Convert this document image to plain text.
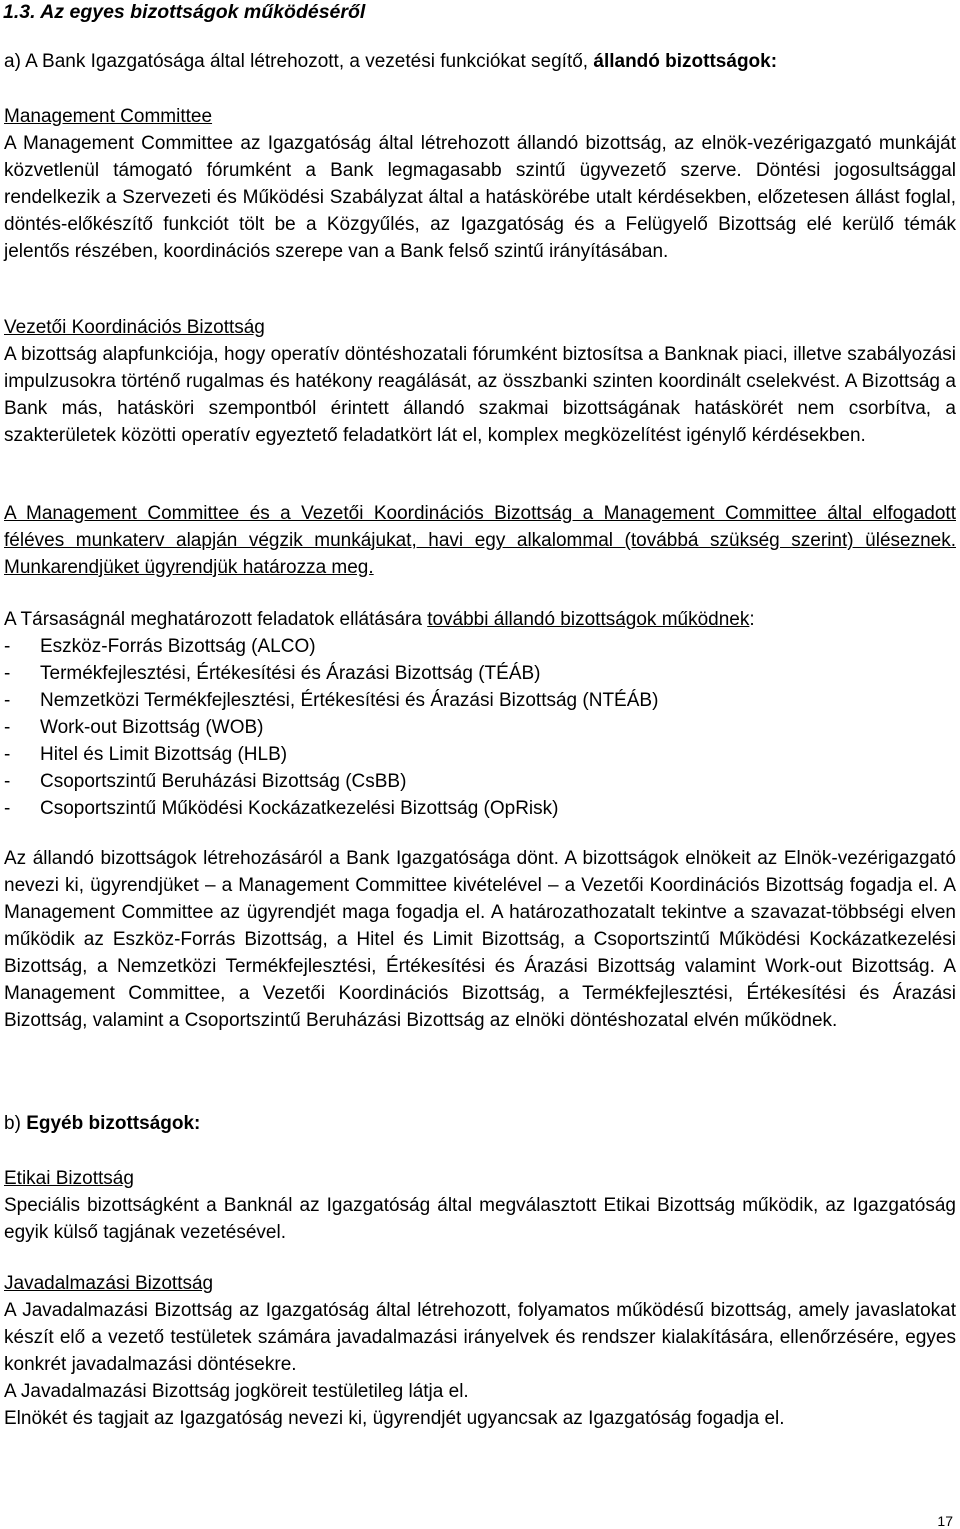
1.3. Az egyes bizottságok működéséről
a) A Bank Igazgatósága által létrehozott, a vezetési funkciókat segítő, állandó bizottságok:
Management Committee
A Management Committee az Igazgatóság által létrehozott állandó bizottság, az elnök-vezérigazgató munkáját közvetlenül támogató fórumként a Bank legmagasabb szintű ügyvezető szerve. Döntési jogosultsággal rendelkezik a Szervezeti és Működési Szabályzat által a hatáskörébe utalt kérdésekben, előzetesen állást foglal, döntés-előkészítő funkciót tölt be a Közgyűlés, az Igazgatóság és a Felügyelő Bizottság elé kerülő témák jelentős részében, koordinációs szerepe van a Bank felső szintű irányításában.
Vezetői Koordinációs Bizottság
A bizottság alapfunkciója, hogy operatív döntéshozatali fórumként biztosítsa a Banknak piaci, illetve szabályozási impulzusokra történő rugalmas és hatékony reagálását, az összbanki szinten koordinált cselekvést. A Bizottság a Bank más, hatásköri szempontból érintett állandó szakmai bizottságának hatáskörét nem csorbítva, a szakterületek közötti operatív egyeztető feladatkört lát el, komplex megközelítést igénylő kérdésekben.
A Management Committee és a Vezetői Koordinációs Bizottság a Management Committee által elfogadott féléves munkaterv alapján végzik munkájukat, havi egy alkalommal (továbbá szükség szerint) üléseznek. Munkarendjüket ügyrendjük határozza meg.
A Társaságnál meghatározott feladatok ellátására további állandó bizottságok működnek:
- Eszköz-Forrás Bizottság (ALCO)
- Termékfejlesztési, Értékesítési és Árazási Bizottság (TÉÁB)
- Nemzetközi Termékfejlesztési, Értékesítési és Árazási Bizottság (NTÉÁB)
- Work-out Bizottság (WOB)
- Hitel és Limit Bizottság (HLB)
- Csoportszintű Beruházási Bizottság (CsBB)
- Csoportszintű Működési Kockázatkezelési Bizottság (OpRisk)
Az állandó bizottságok létrehozásáról a Bank Igazgatósága dönt. A bizottságok elnökeit az Elnök-vezérigazgató nevezi ki, ügyrendjüket – a Management Committee kivételével – a Vezetői Koordinációs Bizottság fogadja el. A Management Committee az ügyrendjét maga fogadja el. A határozathozatalt tekintve a szavazat-többségi elven működik az Eszköz-Forrás Bizottság, a Hitel és Limit Bizottság, a Csoportszintű Működési Kockázatkezelési Bizottság, a Nemzetközi Termékfejlesztési, Értékesítési és Árazási Bizottság valamint Work-out Bizottság. A Management Committee, a Vezetői Koordinációs Bizottság, a Termékfejlesztési, Értékesítési és Árazási Bizottság, valamint a Csoportszintű Beruházási Bizottság az elnöki döntéshozatal elvén működnek.
b) Egyéb bizottságok:
Etikai Bizottság
Speciális bizottságként a Banknál az Igazgatóság által megválasztott Etikai Bizottság működik, az Igazgatóság egyik külső tagjának vezetésével.
Javadalmazási Bizottság
A Javadalmazási Bizottság az Igazgatóság által létrehozott, folyamatos működésű bizottság, amely javaslatokat készít elő a vezető testületek számára javadalmazási irányelvek és rendszer kialakítására, ellenőrzésére, egyes konkrét javadalmazási döntésekre.
A Javadalmazási Bizottság jogköreit testületileg látja el.
Elnökét és tagjait az Igazgatóság nevezi ki, ügyrendjét ugyancsak az Igazgatóság fogadja el.
17
